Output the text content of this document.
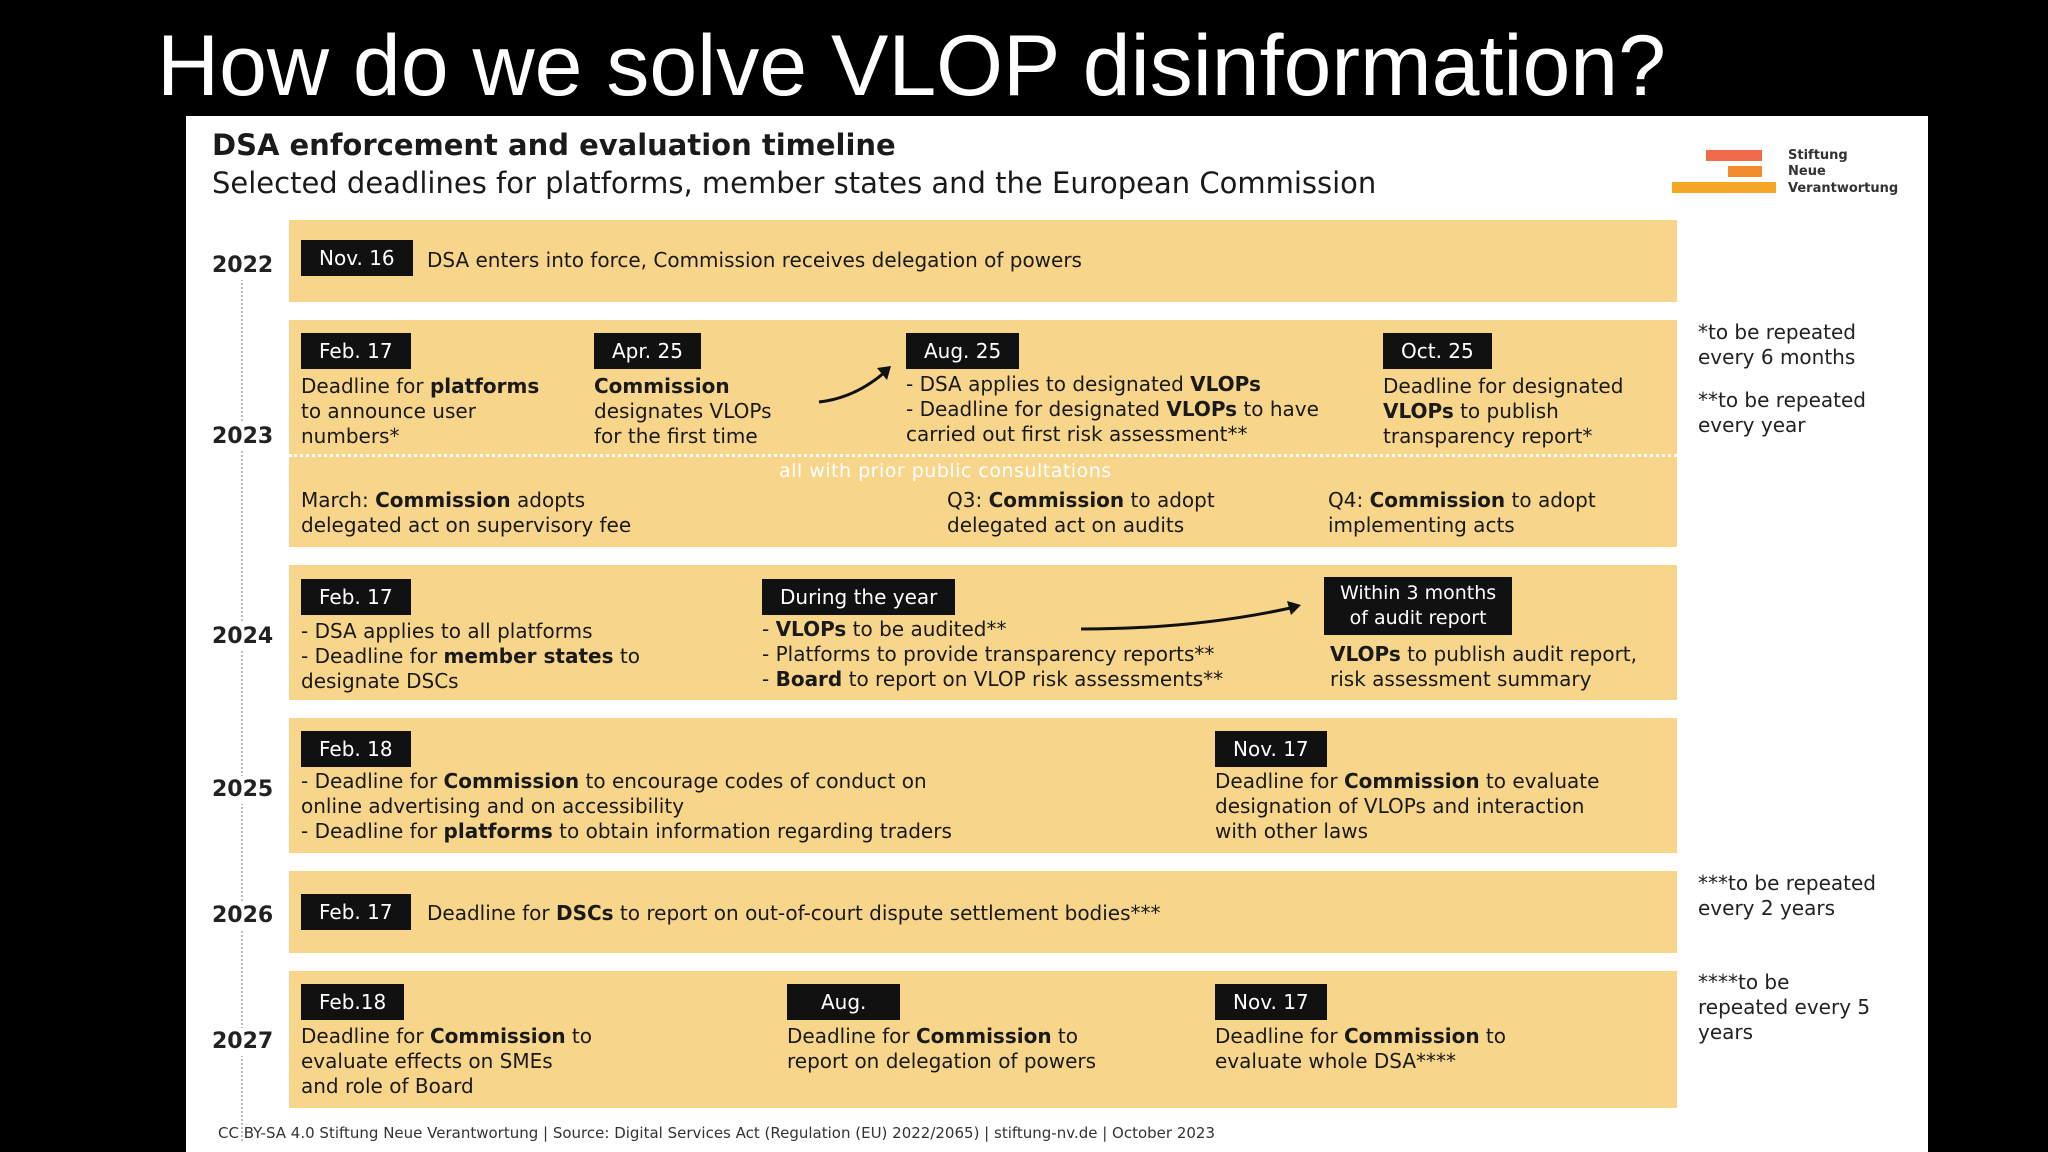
How do we solve VLOP disinformation?
DSA enforcement and evaluation timeline
Selected deadlines for platforms, member states and the European Commission
Stiftung
Neue
Verantwortung
2022
2023
2024
2025
2026
2027
Nov. 16	DSA enters into force, Commission receives delegation of powers
Feb. 17
Deadline for platforms
to announce user
numbers*
Apr. 25
Commission
designates VLOPs
for the first time
Aug. 25
- DSA applies to designated VLOPs
- Deadline for designated VLOPs to have
carried out first risk assessment**
Oct. 25
Deadline for designated
VLOPs to publish
transparency report*
all with prior public consultations
March: Commission adopts
delegated act on supervisory fee
Q3: Commission to adopt
delegated act on audits
Q4: Commission to adopt
implementing acts
Feb. 17
- DSA applies to all platforms
- Deadline for member states to
designate DSCs
During the year
- VLOPs to be audited**
- Platforms to provide transparency reports**
- Board to report on VLOP risk assessments**
Within 3 months
of audit report
VLOPs to publish audit report,
risk assessment summary
Feb. 18
- Deadline for Commission to encourage codes of conduct on
online advertising and on accessibility
- Deadline for platforms to obtain information regarding traders
Nov. 17
Deadline for Commission to evaluate
designation of VLOPs and interaction
with other laws
Feb. 17	Deadline for DSCs to report on out-of-court dispute settlement bodies***
Feb.18
Deadline for Commission to
evaluate effects on SMEs
and role of Board
Aug.
Deadline for Commission to
report on delegation of powers
Nov. 17
Deadline for Commission to
evaluate whole DSA****
*to be repeated
every 6 months
**to be repeated
every year
***to be repeated
every 2 years
****to be
repeated every 5
years
CC BY-SA 4.0 Stiftung Neue Verantwortung | Source: Digital Services Act (Regulation (EU) 2022/2065) | stiftung-nv.de | October 2023
